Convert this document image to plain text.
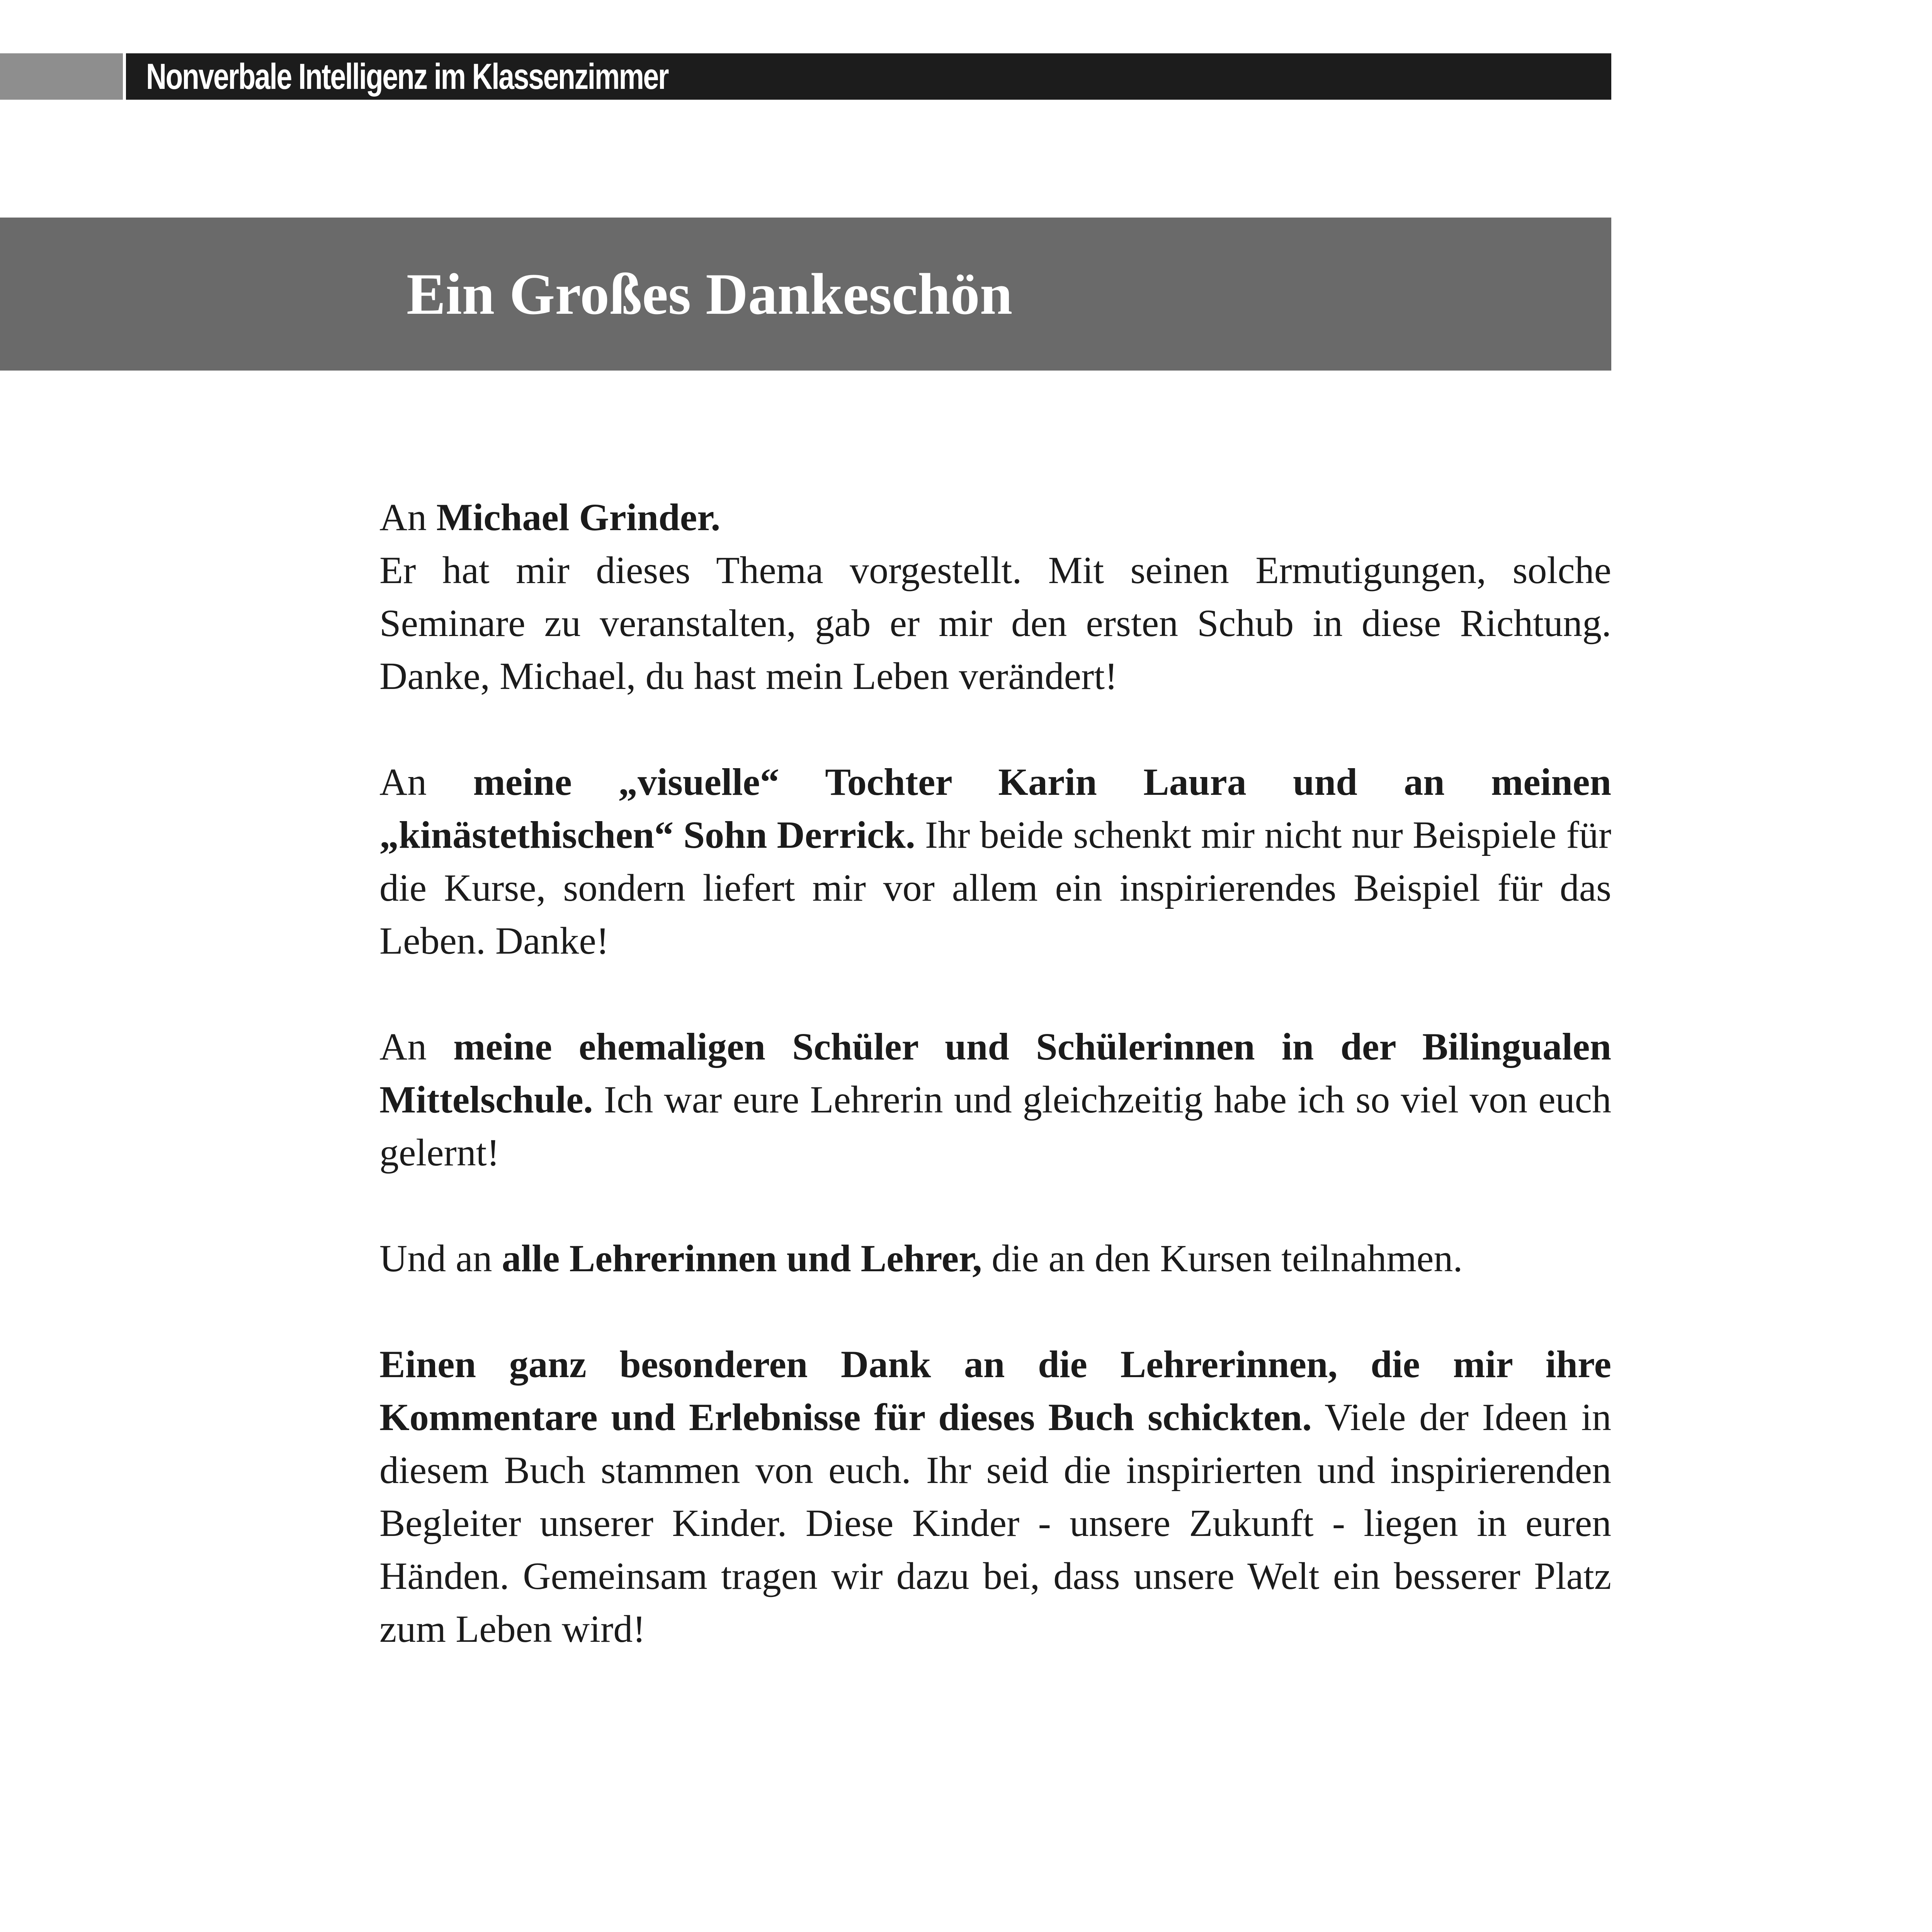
Nonverbale Intelligenz im Klassenzimmer
Ein Großes Dankeschön

An Michael Grinder.
Er hat mir dieses Thema vorgestellt. Mit seinen Ermutigungen, solche Seminare zu veranstalten, gab er mir den ersten Schub in diese Richtung. Danke, Michael, du hast mein Leben verändert!

An meine „visuelle“ Tochter Karin Laura und an meinen „kinästethischen“ Sohn Derrick. Ihr beide schenkt mir nicht nur Beispiele für die Kurse, sondern liefert mir vor allem ein inspirierendes Beispiel für das Leben. Danke!

An meine ehemaligen Schüler und Schülerinnen in der Bilingualen Mittelschule. Ich war eure Lehrerin und gleichzeitig habe ich so viel von euch gelernt!

Und an alle Lehrerinnen und Lehrer, die an den Kursen teilnahmen.

Einen ganz besonderen Dank an die Lehrerinnen, die mir ihre Kommentare und Erlebnisse für dieses Buch schickten. Viele der Ideen in diesem Buch stammen von euch. Ihr seid die inspirierten und inspirierenden Begleiter unserer Kinder. Diese Kinder - unsere Zukunft - liegen in euren Händen. Gemeinsam tragen wir dazu bei, dass unsere Welt ein besserer Platz zum Leben wird!
